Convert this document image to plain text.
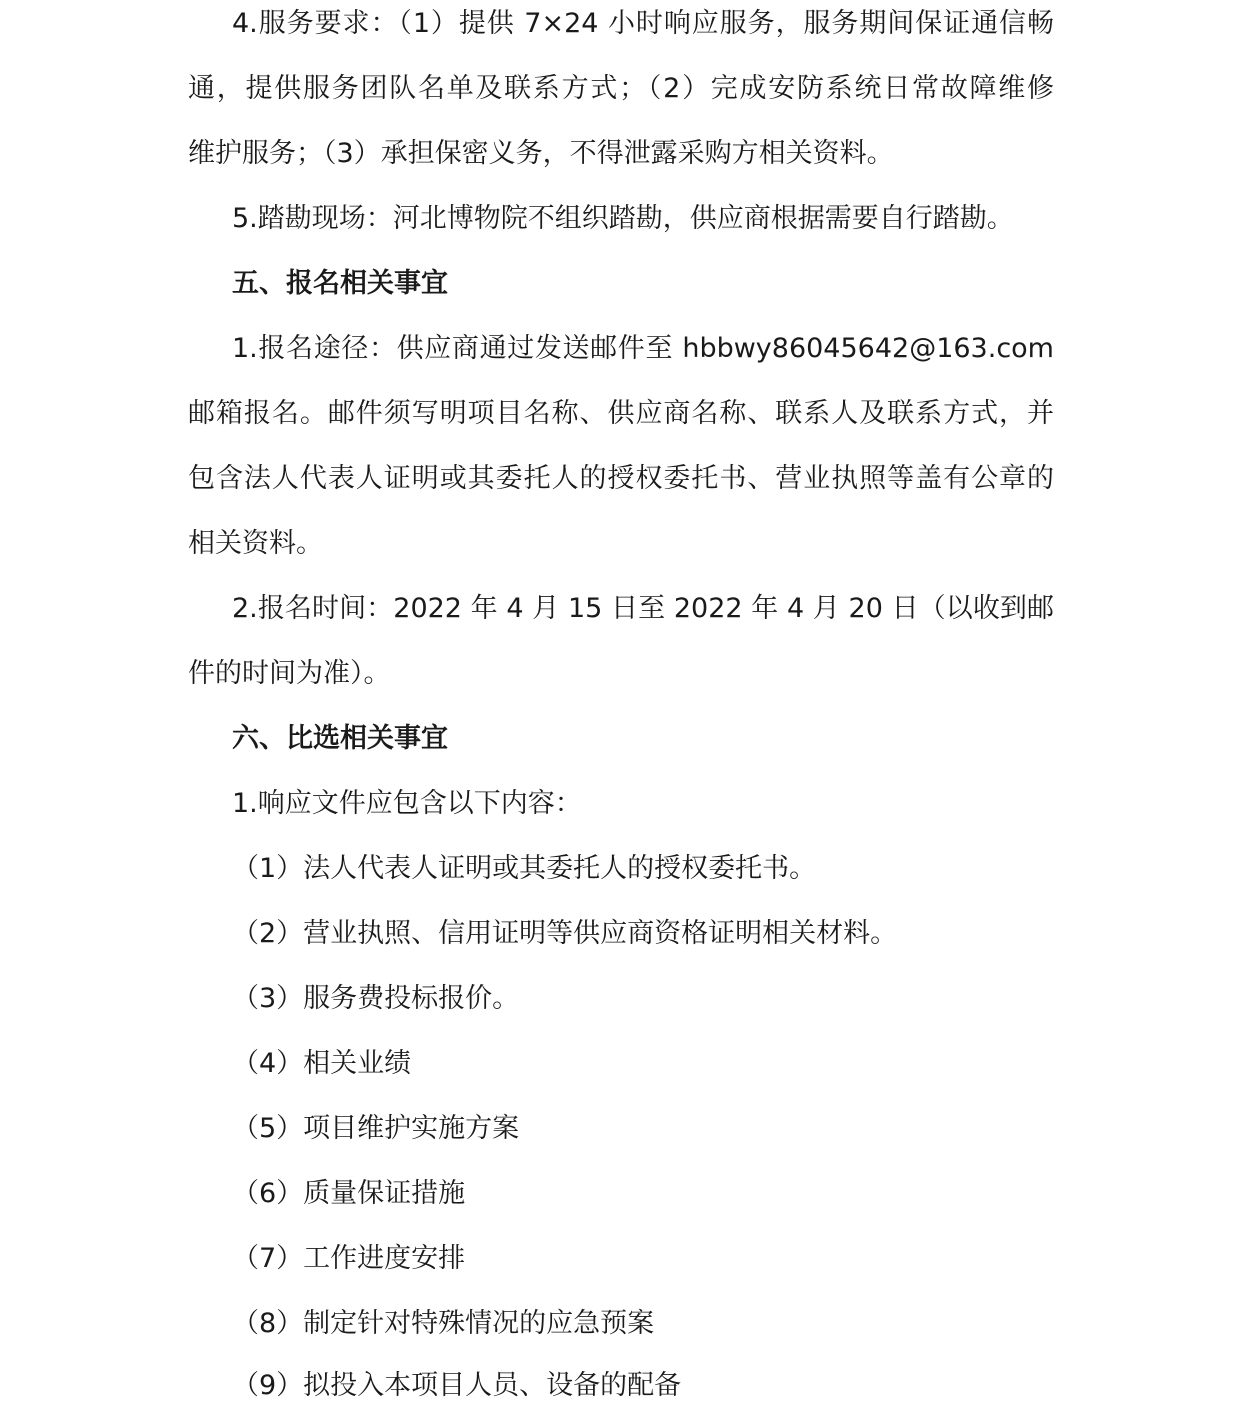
4.服务要求：（1）提供 7×24 小时响应服务，服务期间保证通信畅
通，提供服务团队名单及联系方式；（2）完成安防系统日常故障维修
维护服务；（3）承担保密义务，不得泄露采购方相关资料。
5.踏勘现场：河北博物院不组织踏勘，供应商根据需要自行踏勘。
五、报名相关事宜
1.报名途径：供应商通过发送邮件至 hbbwy86045642@163.com
邮箱报名。邮件须写明项目名称、供应商名称、联系人及联系方式，并
包含法人代表人证明或其委托人的授权委托书、营业执照等盖有公章的
相关资料。
2.报名时间：2022 年 4 月 15 日至 2022 年 4 月 20 日（以收到邮
件的时间为准）。
六、比选相关事宜
1.响应文件应包含以下内容：
（1）法人代表人证明或其委托人的授权委托书。
（2）营业执照、信用证明等供应商资格证明相关材料。
（3）服务费投标报价。
（4）相关业绩
（5）项目维护实施方案
（6）质量保证措施
（7）工作进度安排
（8）制定针对特殊情况的应急预案
（9）拟投入本项目人员、设备的配备
